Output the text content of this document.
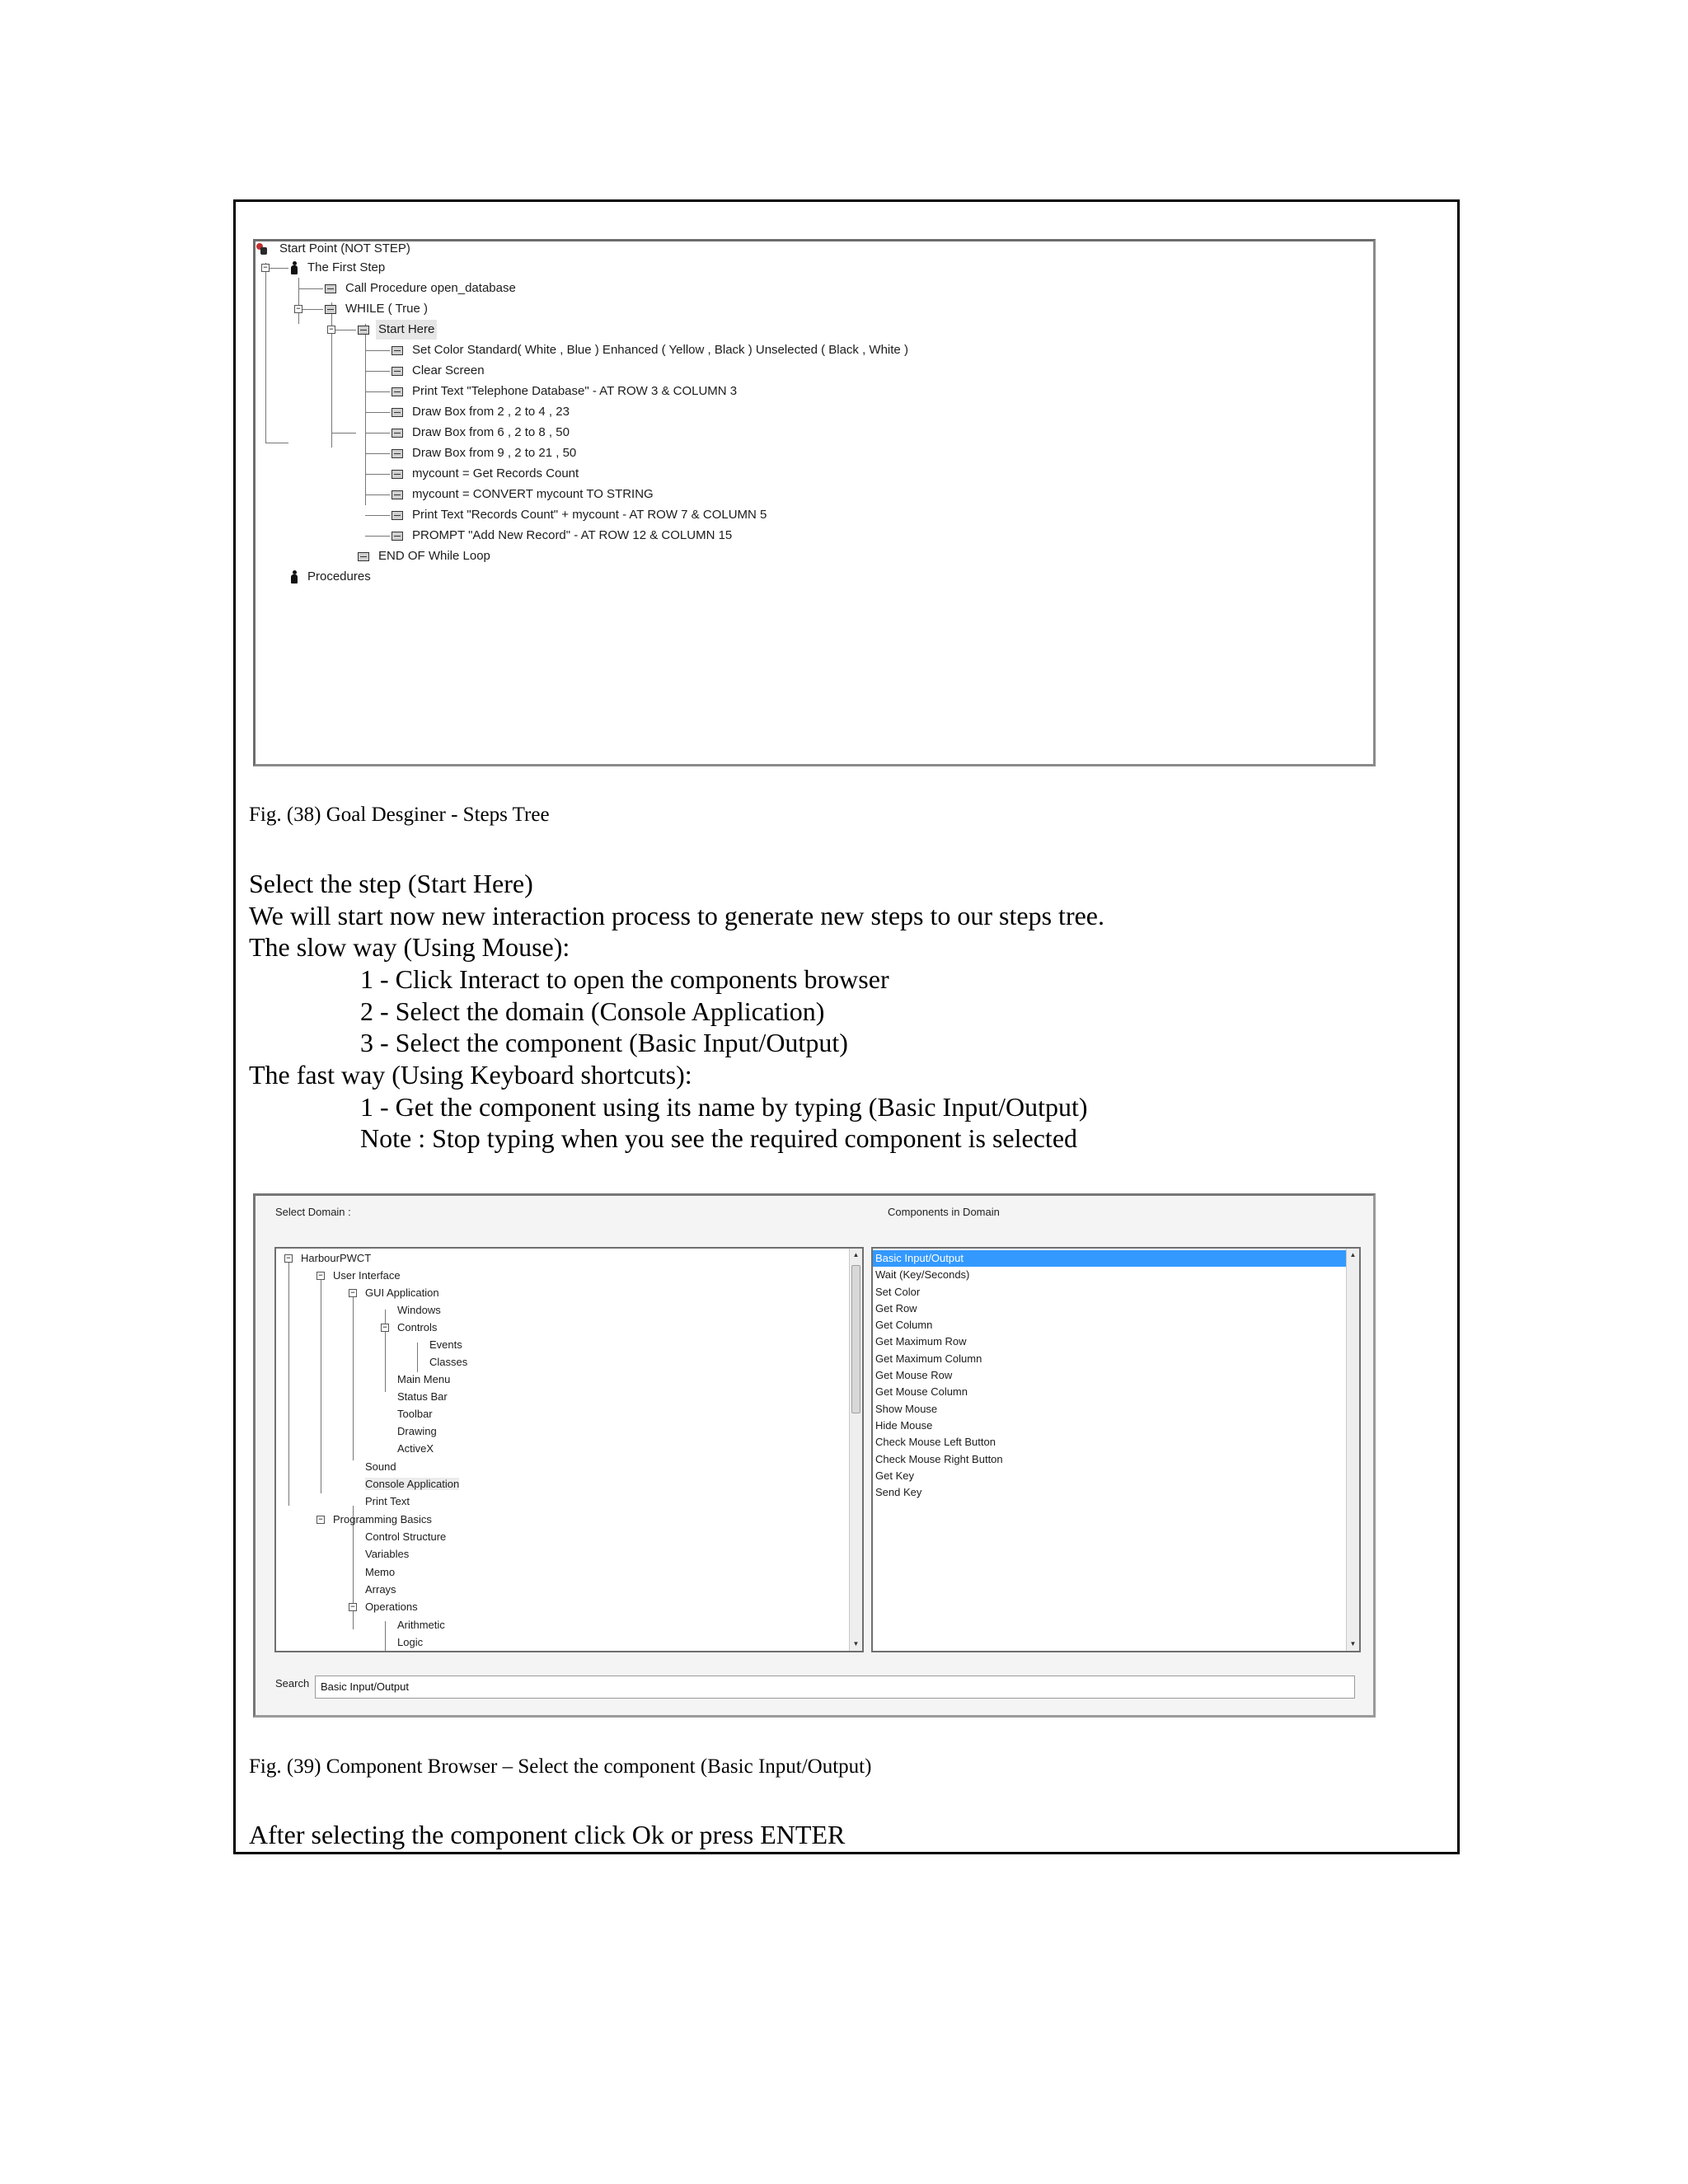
−
−
−
Start Point (NOT STEP)
The First Step
Call Procedure open_database
WHILE ( True )
Start Here
Set Color Standard( White , Blue ) Enhanced ( Yellow , Black ) Unselected ( Black , White )
Clear Screen
Print Text "Telephone Database" - AT ROW 3 & COLUMN 3
Draw Box from 2 , 2 to 4 , 23
Draw Box from 6 , 2 to 8 , 50
Draw Box from 9 , 2 to 21 , 50
mycount = Get Records Count
mycount = CONVERT mycount TO STRING
Print Text "Records Count" + mycount - AT ROW 7 & COLUMN 5
PROMPT "Add New Record" - AT ROW 12 & COLUMN 15
END OF While Loop
Procedures
Fig. (38) Goal Desginer - Steps Tree
Select the step (Start Here)
We will start now new interaction process to generate new steps to our steps tree.
The slow way (Using Mouse):
1 - Click Interact to open the components browser
2 - Select the domain (Console Application)
3 - Select the component (Basic Input/Output)
The fast way (Using Keyboard shortcuts):
1 - Get the component using its name by typing (Basic Input/Output)
Note : Stop typing when you see the required component is selected
Select Domain :	Components in Domain
−
−
−
−
−
−
HarbourPWCT
User Interface
GUI Application
Windows
Controls
Events
Classes
Main Menu
Status Bar
Toolbar
Drawing
ActiveX
Sound
Console Application
Print Text
Programming Basics
Control Structure
Variables
Memo
Arrays
Operations
Arithmetic
Logic
▲
▼
Basic Input/Output
Wait (Key/Seconds)
Set Color
Get Row
Get Column
Get Maximum Row
Get Maximum Column
Get Mouse Row
Get Mouse Column
Show Mouse
Hide Mouse
Check Mouse Left Button
Check Mouse Right Button
Get Key
Send Key
▲
▼
Search	Basic Input/Output
Fig. (39) Component Browser – Select the component (Basic Input/Output)
After selecting the component click Ok or press ENTER
